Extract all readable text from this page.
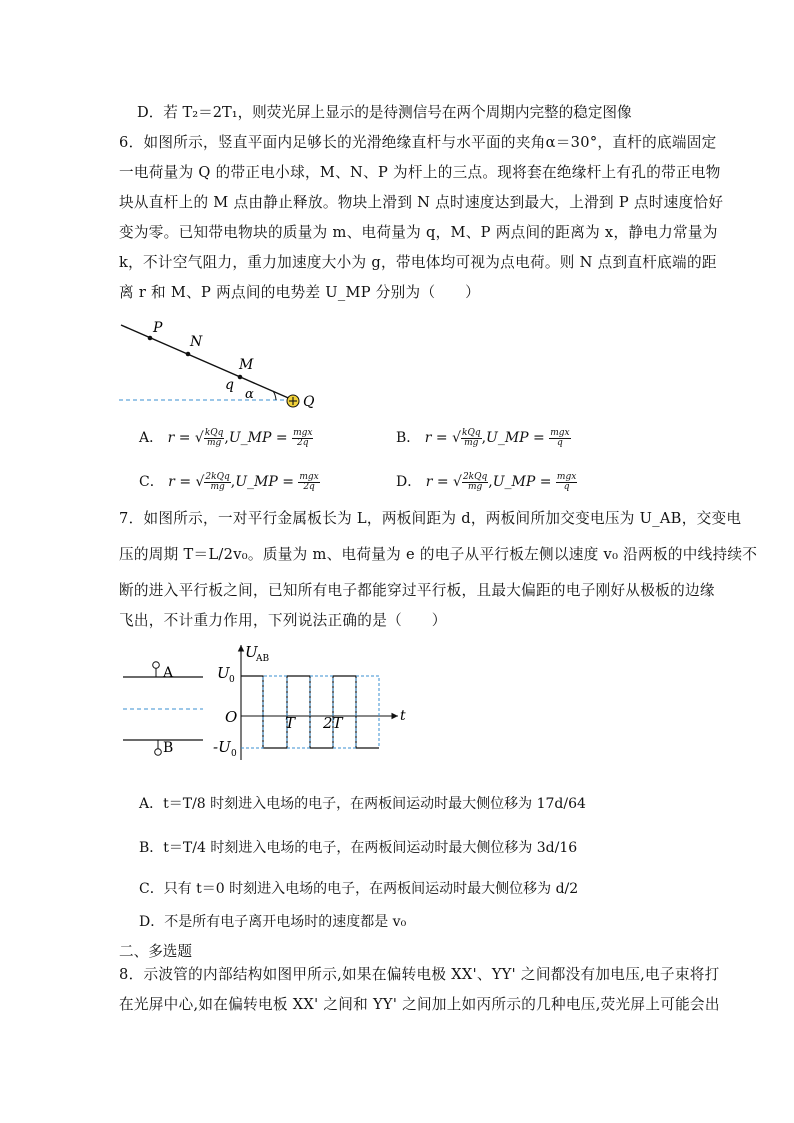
D．若 T₂＝2T₁，则荧光屏上显示的是待测信号在两个周期内完整的稳定图像
6．如图所示，竖直平面内足够长的光滑绝缘直杆与水平面的夹角α＝30°，直杆的底端固定
一电荷量为 Q 的带正电小球，M、N、P 为杆上的三点。现将套在绝缘杆上有孔的带正电物
块从直杆上的 M 点由静止释放。物块上滑到 N 点时速度达到最大，上滑到 P 点时速度恰好
变为零。已知带电物块的质量为 m、电荷量为 q，M、P 两点间的距离为 x，静电力常量为
k，不计空气阻力，重力加速度大小为 g，带电体均可视为点电荷。则 N 点到直杆底端的距
离 r 和 M、P 两点间的电势差 U_MP 分别为（　　）
P
N
M
q
α	Q
A． r = √ $\frac{\text{kQq}}{mg}$ ,U_MP = $\frac{\text{mgx}}{2q}$	B． r = √ $\frac{\text{kQq}}{mg}$ ,U_MP = $\frac{\text{mgx}}{q}$
C． r = √ $\frac{\text{2kQq}}{mg}$ ,U_MP = $\frac{\text{mgx}}{2q}$	D． r = √ $\frac{\text{2kQq}}{mg}$ ,U_MP = $\frac{\text{mgx}}{q}$
7．如图所示，一对平行金属板长为 L，两板间距为 d，两板间所加交变电压为 U_AB，交变电
压的周期 T＝L/2v₀。质量为 m、电荷量为 e 的电子从平行板左侧以速度 v₀ 沿两板的中线持续不
断的进入平行板之间，已知所有电子都能穿过平行板，且最大偏距的电子刚好从极板的边缘
飞出，不计重力作用，下列说法正确的是（　　）
A
B
U
AB
U 0
O
-U 0
T 2T	t
A．t＝T/8 时刻进入电场的电子，在两板间运动时最大侧位移为 17d/64
B．t＝T/4 时刻进入电场的电子，在两板间运动时最大侧位移为 3d/16
C．只有 t＝0 时刻进入电场的电子，在两板间运动时最大侧位移为 d/2
D．不是所有电子离开电场时的速度都是 v₀
二、多选题
8．示波管的内部结构如图甲所示,如果在偏转电极 XX'、YY' 之间都没有加电压,电子束将打
在光屏中心,如在偏转电板 XX' 之间和 YY' 之间加上如丙所示的几种电压,荧光屏上可能会出
